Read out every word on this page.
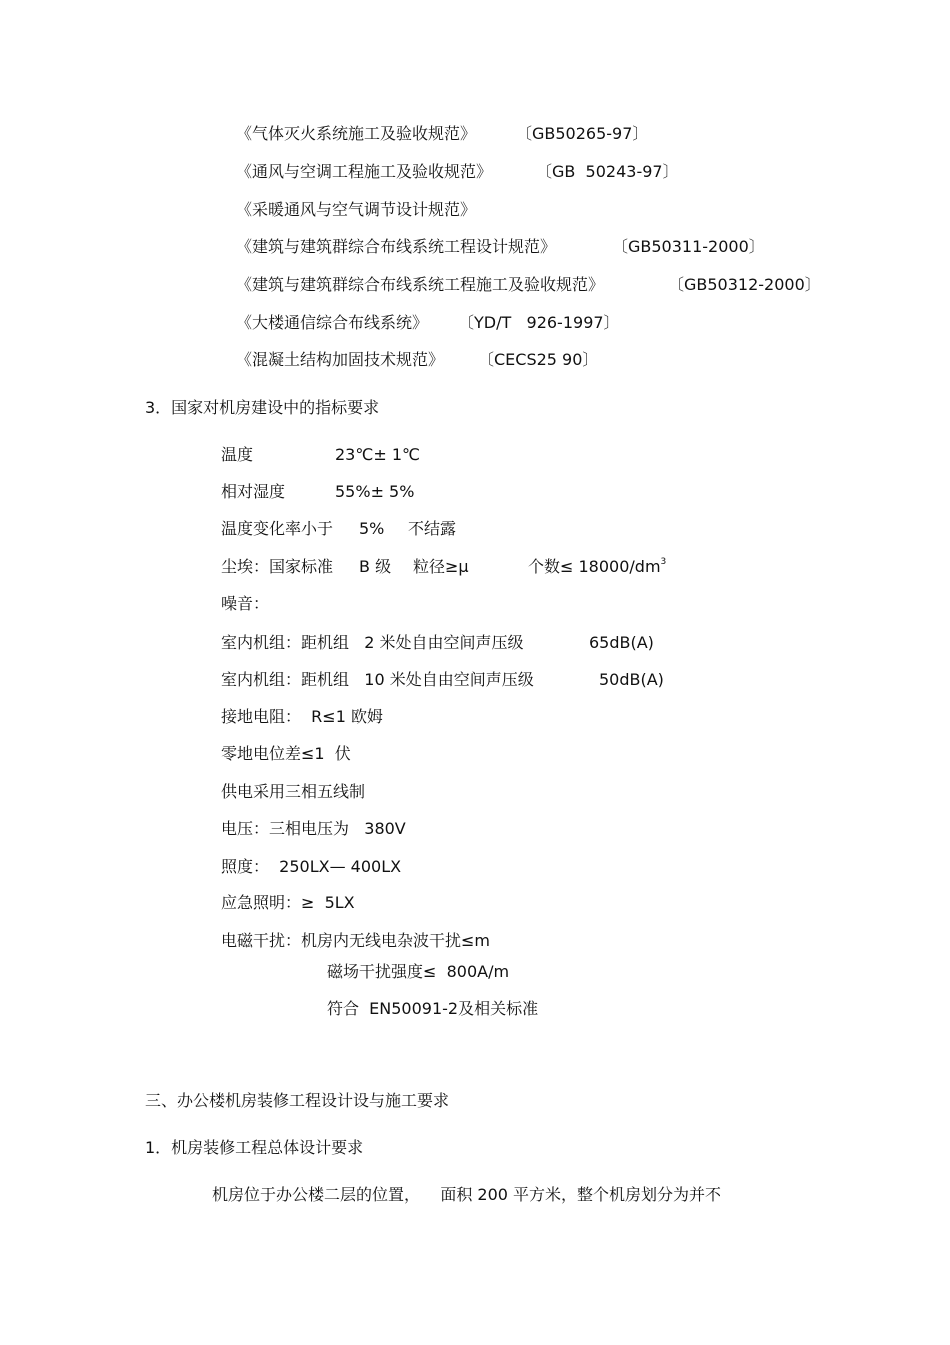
《气体灭火系统施工及验收规范》 〔GB50265-97〕
《通风与空调工程施工及验收规范》	〔GB  50243-97〕
《采暖通风与空气调节设计规范》
《建筑与建筑群综合布线系统工程设计规范》	〔GB50311-2000〕
《建筑与建筑群综合布线系统工程施工及验收规范》	〔GB50312-2000〕
《大楼通信综合布线系统》 〔YD/T   926-1997〕
《混凝土结构加固技术规范》 〔CECS25 90〕
3．国家对机房建设中的指标要求
温度	23℃± 1℃
相对湿度	55%± 5%
温度变化率小于 5% 不结露
尘埃：国家标准 B 级 粒径≥μ	个数≤ $18000/dm^3$
噪音：
室内机组：距机组   2 米处自由空间声压级	65dB(A)
室内机组：距机组   10 米处自由空间声压级	50dB(A)
接地电阻：  R≤1 欧姆
零地电位差≤1  伏
供电采用三相五线制
电压：三相电压为   380V
照度：  250LX— 400LX
应急照明：≥  5LX
电磁干扰：机房内无线电杂波干扰≤m
磁场干扰强度≤  800A/m
符合  EN50091-2及相关标准
三、办公楼机房装修工程设计设与施工要求
1．机房装修工程总体设计要求
机房位于办公楼二层的位置，    面积 200 平方米，整个机房划分为并不
